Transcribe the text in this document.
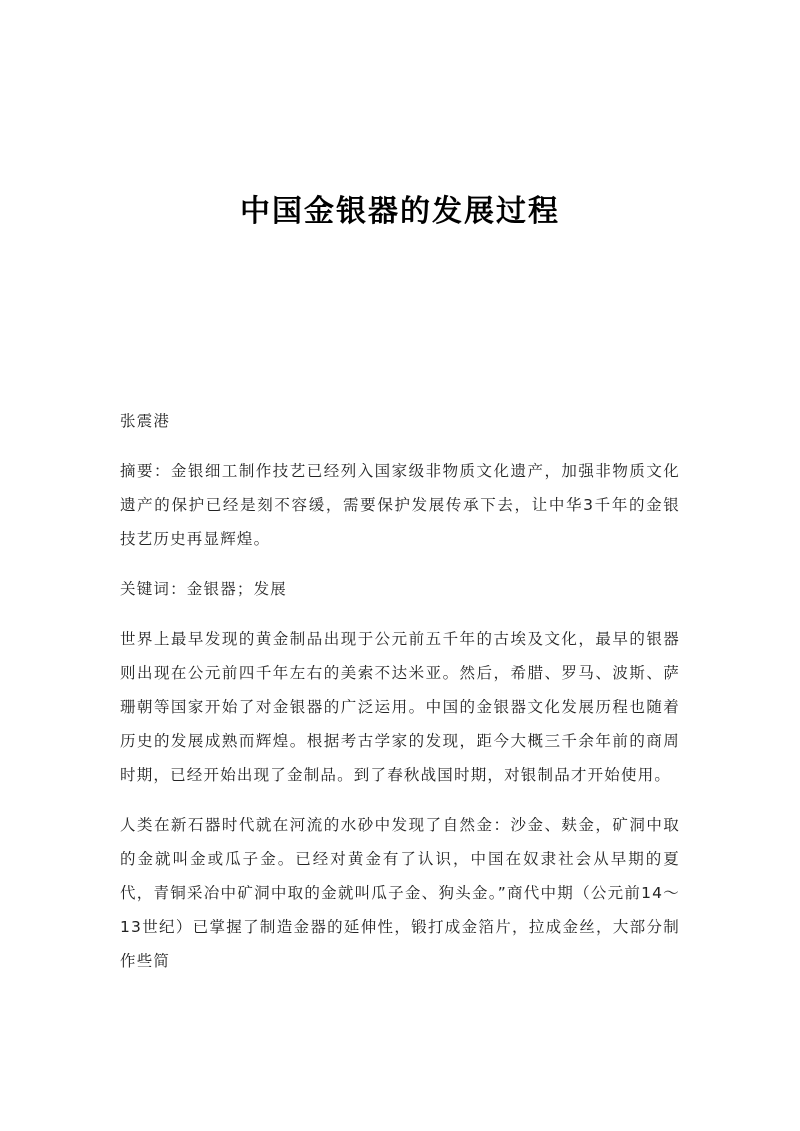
中国金银器的发展过程

张震港

摘要：金银细工制作技艺已经列入国家级非物质文化遗产，加强非物质文化遗产的保护已经是刻不容缓，需要保护发展传承下去，让中华3千年的金银技艺历史再显辉煌。

关键词：金银器；发展

世界上最早发现的黄金制品出现于公元前五千年的古埃及文化，最早的银器则出现在公元前四千年左右的美索不达米亚。然后，希腊、罗马、波斯、萨珊朝等国家开始了对金银器的广泛运用。中国的金银器文化发展历程也随着历史的发展成熟而辉煌。根据考古学家的发现，距今大概三千余年前的商周时期，已经开始出现了金制品。到了春秋战国时期，对银制品才开始使用。

人类在新石器时代就在河流的水砂中发现了自然金：沙金、麸金，矿洞中取的金就叫金或瓜子金。已经对黄金有了认识，中国在奴隶社会从早期的夏代，青铜采冶中矿洞中取的金就叫瓜子金、狗头金。”商代中期（公元前14～13世纪）已掌握了制造金器的延伸性，锻打成金箔片，拉成金丝，大部分制作些简
